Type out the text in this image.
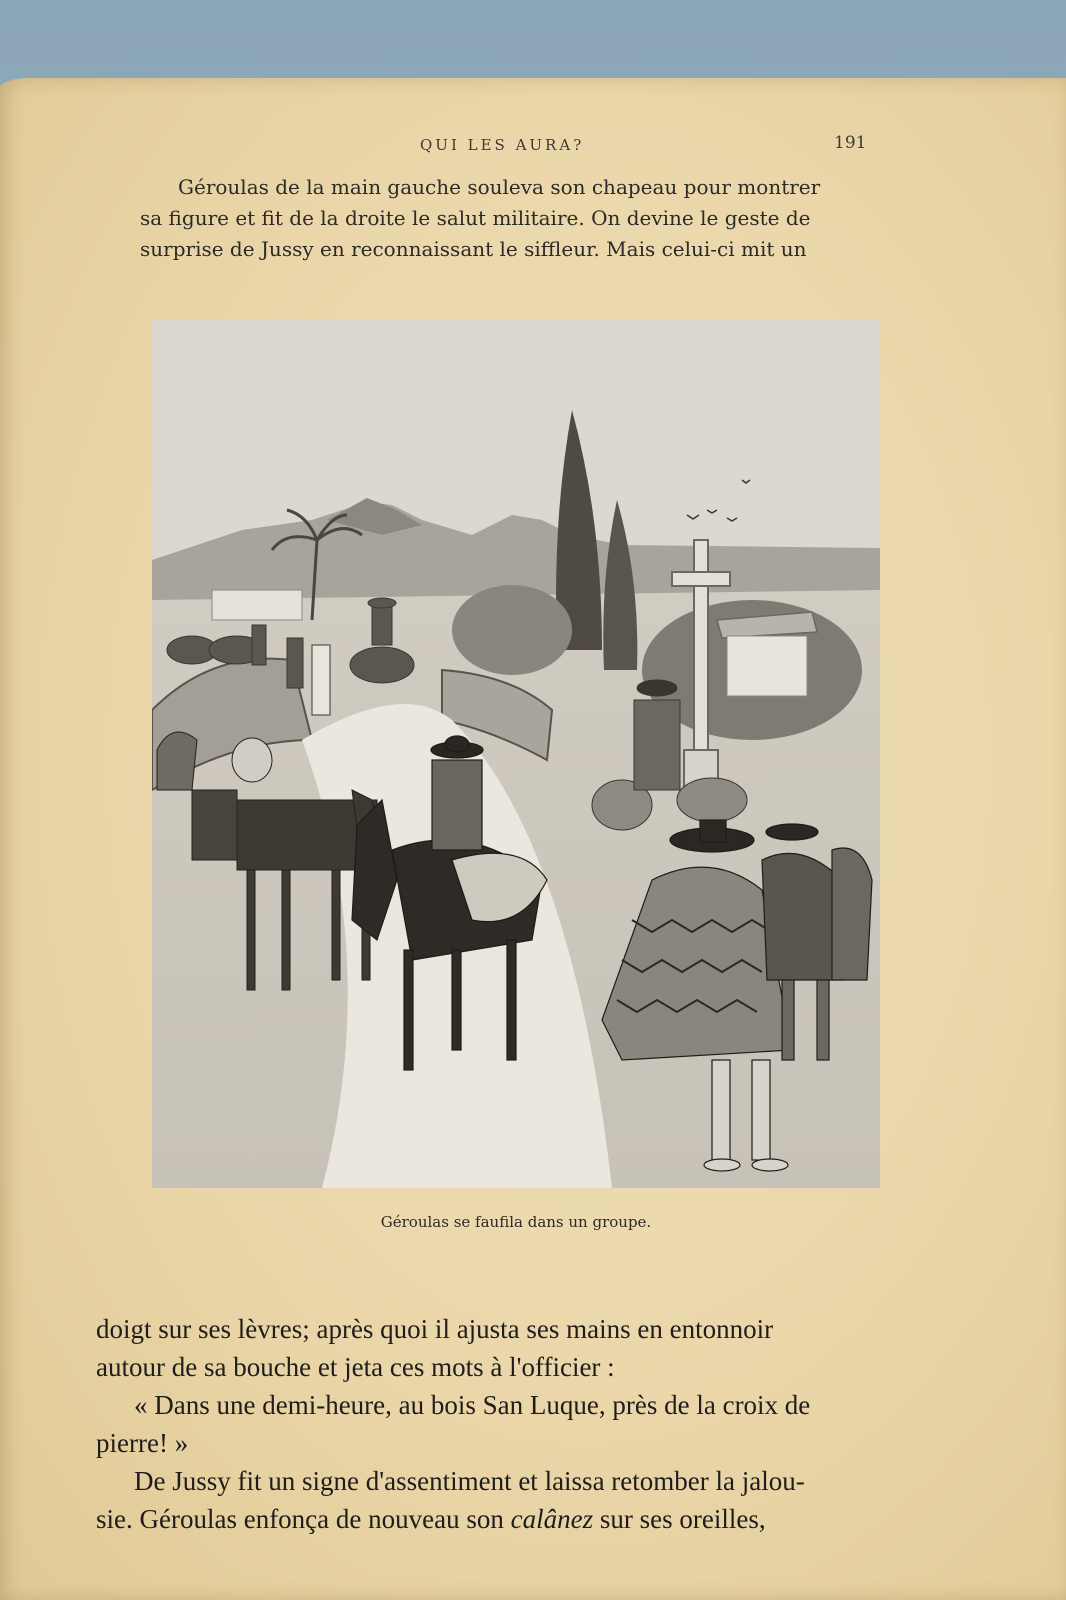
QUI LES AURA?	191
Géroulas de la main gauche souleva son chapeau pour montrer
sa figure et fit de la droite le salut militaire. On devine le geste de
surprise de Jussy en reconnaissant le siffleur. Mais celui-ci mit un
Géroulas se faufila dans un groupe.
doigt sur ses lèvres; après quoi il ajusta ses mains en entonnoir
autour de sa bouche et jeta ces mots à l'officier :
« Dans une demi-heure, au bois San Luque, près de la croix de
pierre! »
De Jussy fit un signe d'assentiment et laissa retomber la jalou-
sie. Géroulas enfonça de nouveau son calânez sur ses oreilles,
